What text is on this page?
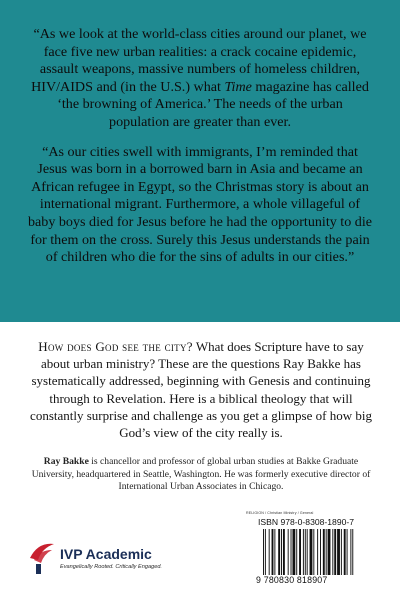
“As we look at the world-class cities around our planet, we face five new urban realities: a crack cocaine epidemic, assault weapons, massive numbers of homeless children, HIV/AIDS and (in the U.S.) what Time magazine has called ‘the browning of America.’ The needs of the urban population are greater than ever.

“As our cities swell with immigrants, I’m reminded that Jesus was born in a borrowed barn in Asia and became an African refugee in Egypt, so the Christmas story is about an international migrant. Furthermore, a whole villageful of baby boys died for Jesus before he had the opportunity to die for them on the cross. Surely this Jesus understands the pain of children who die for the sins of adults in our cities.”

How does God see the city? What does Scripture have to say about urban ministry? These are the questions Ray Bakke has systematically addressed, beginning with Genesis and continuing through to Revelation. Here is a biblical theology that will constantly surprise and challenge as you get a glimpse of how big God’s view of the city really is.

Ray Bakke is chancellor and professor of global urban studies at Bakke Graduate University, headquartered in Seattle, Washington. He was formerly executive director of International Urban Associates in Chicago.

RELIGION / Christian Ministry / General
ISBN 978-0-8308-1890-7
9 780830 818907
IVP Academic
Evangelically Rooted. Critically Engaged.
